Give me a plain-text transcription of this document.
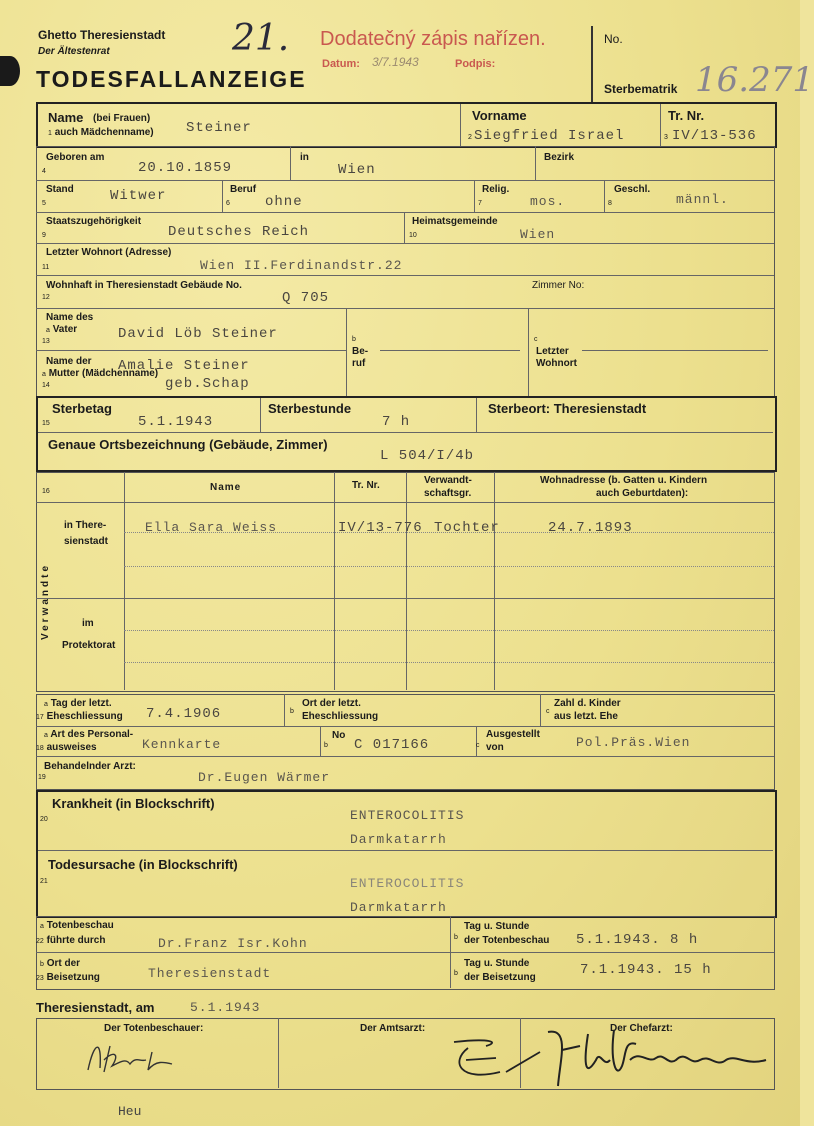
Ghetto Theresienstadt
Der Ältestenrat
TODESFALLANZEIGE
21. Dodatečný zápis nařízen.
Datum: 3/7.1943	Podpis:
No.
Sterbematrik 16.271
Name (bei Frauen)
1 auch Mädchenname) Steiner
Vorname
2 Siegfried Israel
Tr. Nr.
3 IV/13-536
Geboren am
4	20.10.1859
in
Wien
Bezirk
Stand
5	Witwer	Beruf
6	ohne
Relig.
7	mos.
Geschl.
8	männl.
Staatszugehörigkeit
9	Deutsches Reich
Heimatsgemeinde
10	Wien
Letzter Wohnort (Adresse)
11	Wien II.Ferdinandstr.22
Wohnhaft in Theresienstadt Gebäude No.
12	Q 705
Zimmer No:
Name des
a Vater
13	David Löb Steiner
Name der
a Mutter (Mädchenname)
14
Amalie Steiner
geb.Schap
b
Be-
ruf
c
Letzter
Wohnort
Sterbetag
15	5.1.1943
Sterbestunde
7 h
Sterbeort: Theresienstadt
Genaue Ortsbezeichnung (Gebäude, Zimmer)
L 504/I/4b
16	Name	Tr. Nr.	Verwandt-
schaftsgr.
Wohnadresse (b. Gatten u. Kindern
auch Geburtdaten):
Verwandte
in There-
sienstadt
im
Protektorat
Ella Sara Weiss	IV/13-776 Tochter	24.7.1893
a Tag der letzt.
17 Eheschliessung 7.4.1906
Ort der letzt.
Eheschliessung
b
Zahl d. Kinder
aus letzt. Ehe
c
a Art des Personal-
18 ausweises	Kennkarte	b
No
C 017166	c
Ausgestellt
von	Pol.Präs.Wien
Behandelnder Arzt:
19	Dr.Eugen Wärmer
Krankheit (in Blockschrift)
20	ENTEROCOLITIS
Darmkatarrh
Todesursache (in Blockschrift)
21	ENTEROCOLITIS
Darmkatarrh
a Totenbeschau
22 führte durch	Dr.Franz Isr.Kohn	b
Tag u. Stunde
der Totenbeschau 5.1.1943. 8 h
b Ort der
23 Beisetzung	Theresienstadt	b
Tag u. Stunde
der Beisetzung	7.1.1943. 15 h
Theresienstadt, am	5.1.1943
Der Totenbeschauer:	Der Amtsarzt:	Der Chefarzt:
Heu
